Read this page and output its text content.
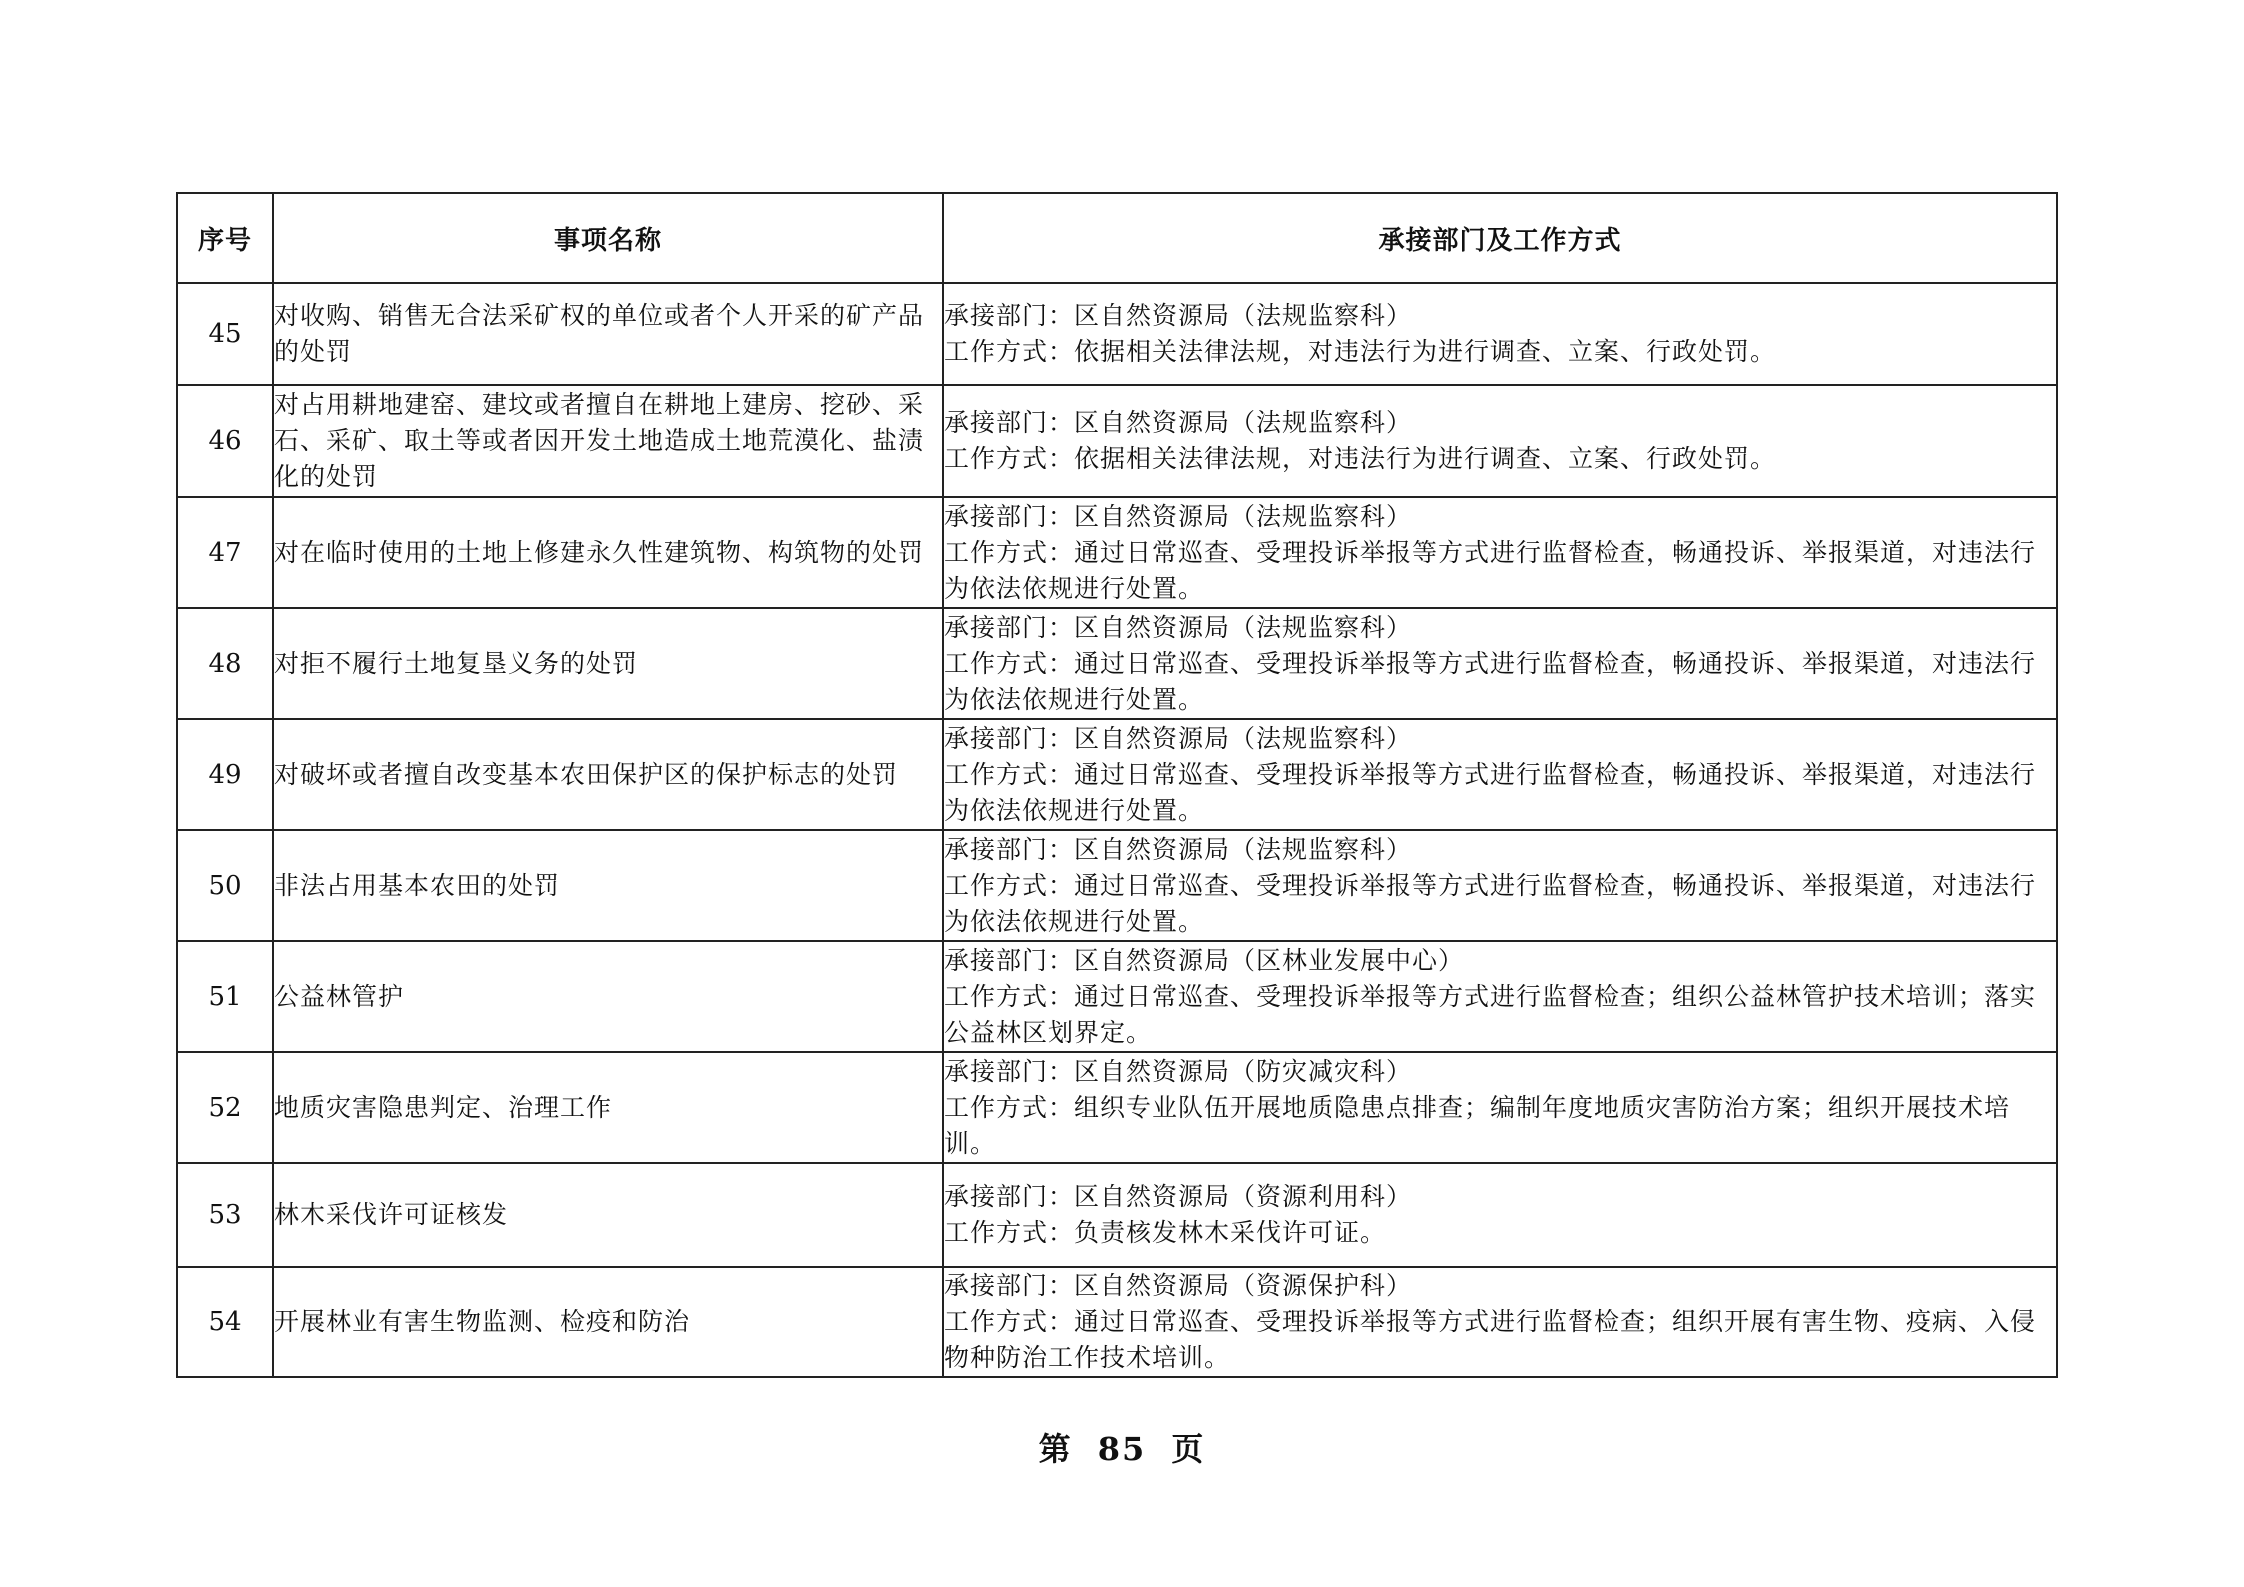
序号	事项名称	承接部门及工作方式
45	对收购、销售无合法采矿权的单位或者个人开采的矿产品的处罚	承接部门：区自然资源局（法规监察科）
工作方式：依据相关法律法规，对违法行为进行调查、立案、行政处罚。

46	对占用耕地建窑、建坟或者擅自在耕地上建房、挖砂、采石、采矿、取土等或者因开发土地造成土地荒漠化、盐渍化的处罚	承接部门：区自然资源局（法规监察科）
工作方式：依据相关法律法规，对违法行为进行调查、立案、行政处罚。

47	对在临时使用的土地上修建永久性建筑物、构筑物的处罚	承接部门：区自然资源局（法规监察科）
工作方式：通过日常巡查、受理投诉举报等方式进行监督检查，畅通投诉、举报渠道，对违法行为依法依规进行处置。

48	对拒不履行土地复垦义务的处罚	承接部门：区自然资源局（法规监察科）
工作方式：通过日常巡查、受理投诉举报等方式进行监督检查，畅通投诉、举报渠道，对违法行为依法依规进行处置。

49	对破坏或者擅自改变基本农田保护区的保护标志的处罚	承接部门：区自然资源局（法规监察科）
工作方式：通过日常巡查、受理投诉举报等方式进行监督检查，畅通投诉、举报渠道，对违法行为依法依规进行处置。

50	非法占用基本农田的处罚	承接部门：区自然资源局（法规监察科）
工作方式：通过日常巡查、受理投诉举报等方式进行监督检查，畅通投诉、举报渠道，对违法行为依法依规进行处置。

51	公益林管护	承接部门：区自然资源局（区林业发展中心）
工作方式：通过日常巡查、受理投诉举报等方式进行监督检查；组织公益林管护技术培训；落实公益林区划界定。

52	地质灾害隐患判定、治理工作	承接部门：区自然资源局（防灾减灾科）
工作方式：组织专业队伍开展地质隐患点排查；编制年度地质灾害防治方案；组织开展技术培训。

53	林木采伐许可证核发	承接部门：区自然资源局（资源利用科）
工作方式：负责核发林木采伐许可证。

54	开展林业有害生物监测、检疫和防治	承接部门：区自然资源局（资源保护科）
工作方式：通过日常巡查、受理投诉举报等方式进行监督检查；组织开展有害生物、疫病、入侵物种防治工作技术培训。
第 85 页
